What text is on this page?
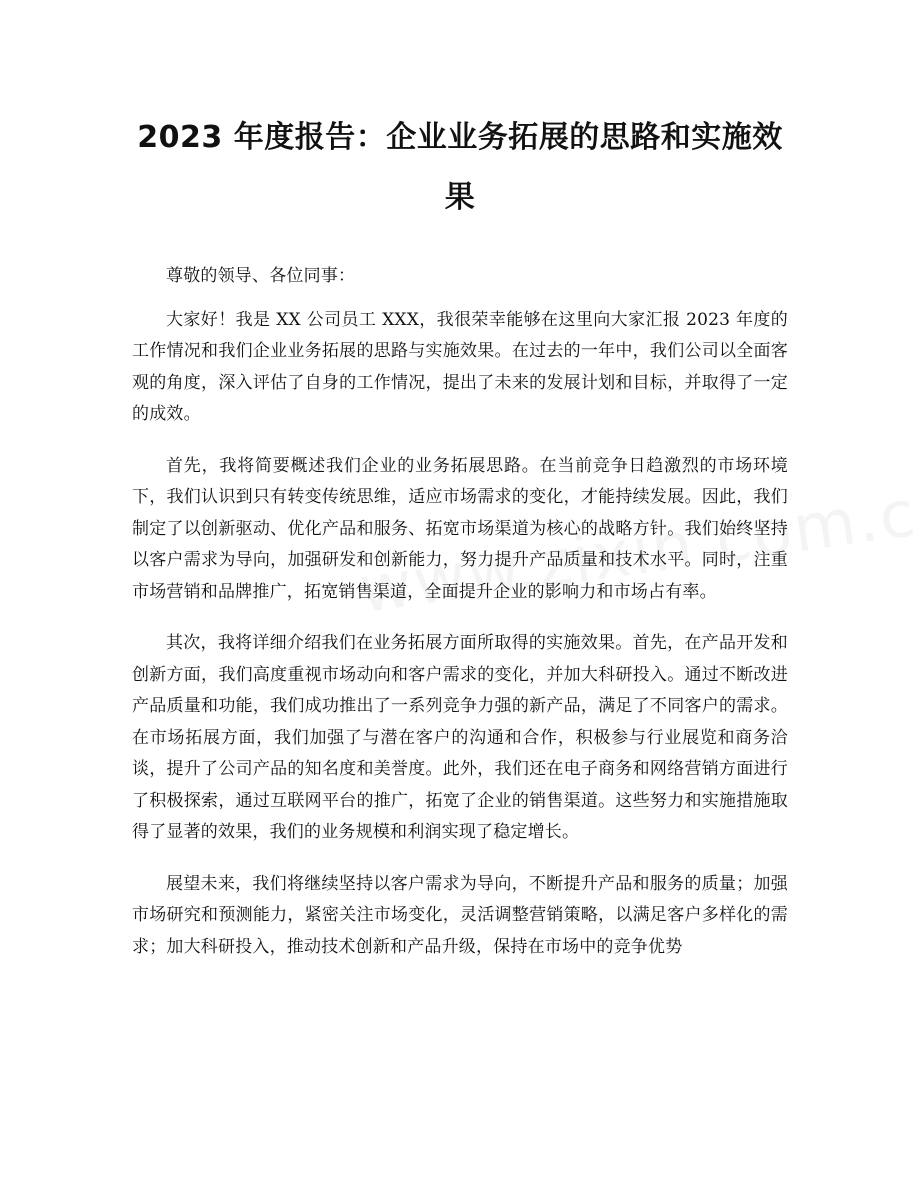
2023 年度报告：企业业务拓展的思路和实施效果

尊敬的领导、各位同事：

大家好！我是 XX 公司员工 XXX，我很荣幸能够在这里向大家汇报 2023 年度的工作情况和我们企业业务拓展的思路与实施效果。在过去的一年中，我们公司以全面客观的角度，深入评估了自身的工作情况，提出了未来的发展计划和目标，并取得了一定的成效。

首先，我将简要概述我们企业的业务拓展思路。在当前竞争日趋激烈的市场环境下，我们认识到只有转变传统思维，适应市场需求的变化，才能持续发展。因此，我们制定了以创新驱动、优化产品和服务、拓宽市场渠道为核心的战略方针。我们始终坚持以客户需求为导向，加强研发和创新能力，努力提升产品质量和技术水平。同时，注重市场营销和品牌推广，拓宽销售渠道，全面提升企业的影响力和市场占有率。

其次，我将详细介绍我们在业务拓展方面所取得的实施效果。首先，在产品开发和创新方面，我们高度重视市场动向和客户需求的变化，并加大科研投入。通过不断改进产品质量和功能，我们成功推出了一系列竞争力强的新产品，满足了不同客户的需求。在市场拓展方面，我们加强了与潜在客户的沟通和合作，积极参与行业展览和商务洽谈，提升了公司产品的知名度和美誉度。此外，我们还在电子商务和网络营销方面进行了积极探索，通过互联网平台的推广，拓宽了企业的销售渠道。这些努力和实施措施取得了显著的效果，我们的业务规模和利润实现了稳定增长。

展望未来，我们将继续坚持以客户需求为导向，不断提升产品和服务的质量；加强市场研究和预测能力，紧密关注市场变化，灵活调整营销策略，以满足客户多样化的需求；加大科研投入，推动技术创新和产品升级，保持在市场中的竞争优势
